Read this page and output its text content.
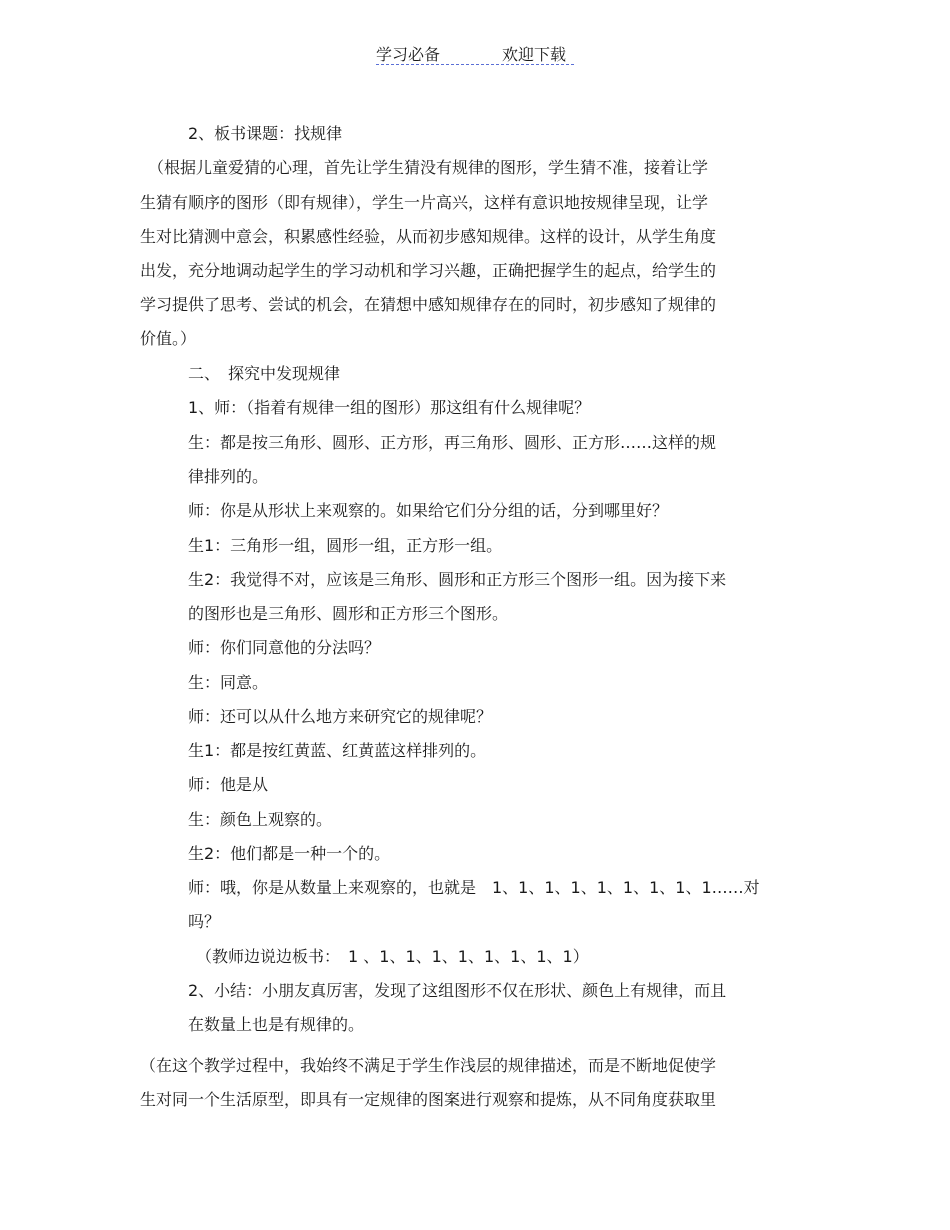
学习必备	欢迎下载
2、板书课题：找规律
（根据儿童爱猜的心理，首先让学生猜没有规律的图形，学生猜不准，接着让学
生猜有顺序的图形（即有规律），学生一片高兴，这样有意识地按规律呈现，让学
生对比猜测中意会，积累感性经验，从而初步感知规律。这样的设计，从学生角度
出发，充分地调动起学生的学习动机和学习兴趣，正确把握学生的起点，给学生的
学习提供了思考、尝试的机会，在猜想中感知规律存在的同时，初步感知了规律的
价值。）
二、　探究中发现规律
1、师：（指着有规律一组的图形）那这组有什么规律呢？
生：都是按三角形、圆形、正方形，再三角形、圆形、正方形……这样的规
律排列的。
师：你是从形状上来观察的。如果给它们分分组的话，分到哪里好？
生1：三角形一组，圆形一组，正方形一组。
生2：我觉得不对，应该是三角形、圆形和正方形三个图形一组。因为接下来
的图形也是三角形、圆形和正方形三个图形。
师：你们同意他的分法吗？
生：同意。
师：还可以从什么地方来研究它的规律呢？
生1：都是按红黄蓝、红黄蓝这样排列的。
师：他是从
生：颜色上观察的。
生2：他们都是一种一个的。
师：哦，你是从数量上来观察的，也就是　1、1、1、1、1、1、1、1、1……对
吗？
（教师边说边板书：　1 、1、1、1、1、1、1、1、1）
2、小结：小朋友真厉害，发现了这组图形不仅在形状、颜色上有规律，而且
在数量上也是有规律的。
（在这个教学过程中，我始终不满足于学生作浅层的规律描述，而是不断地促使学
生对同一个生活原型，即具有一定规律的图案进行观察和提炼，从不同角度获取里
